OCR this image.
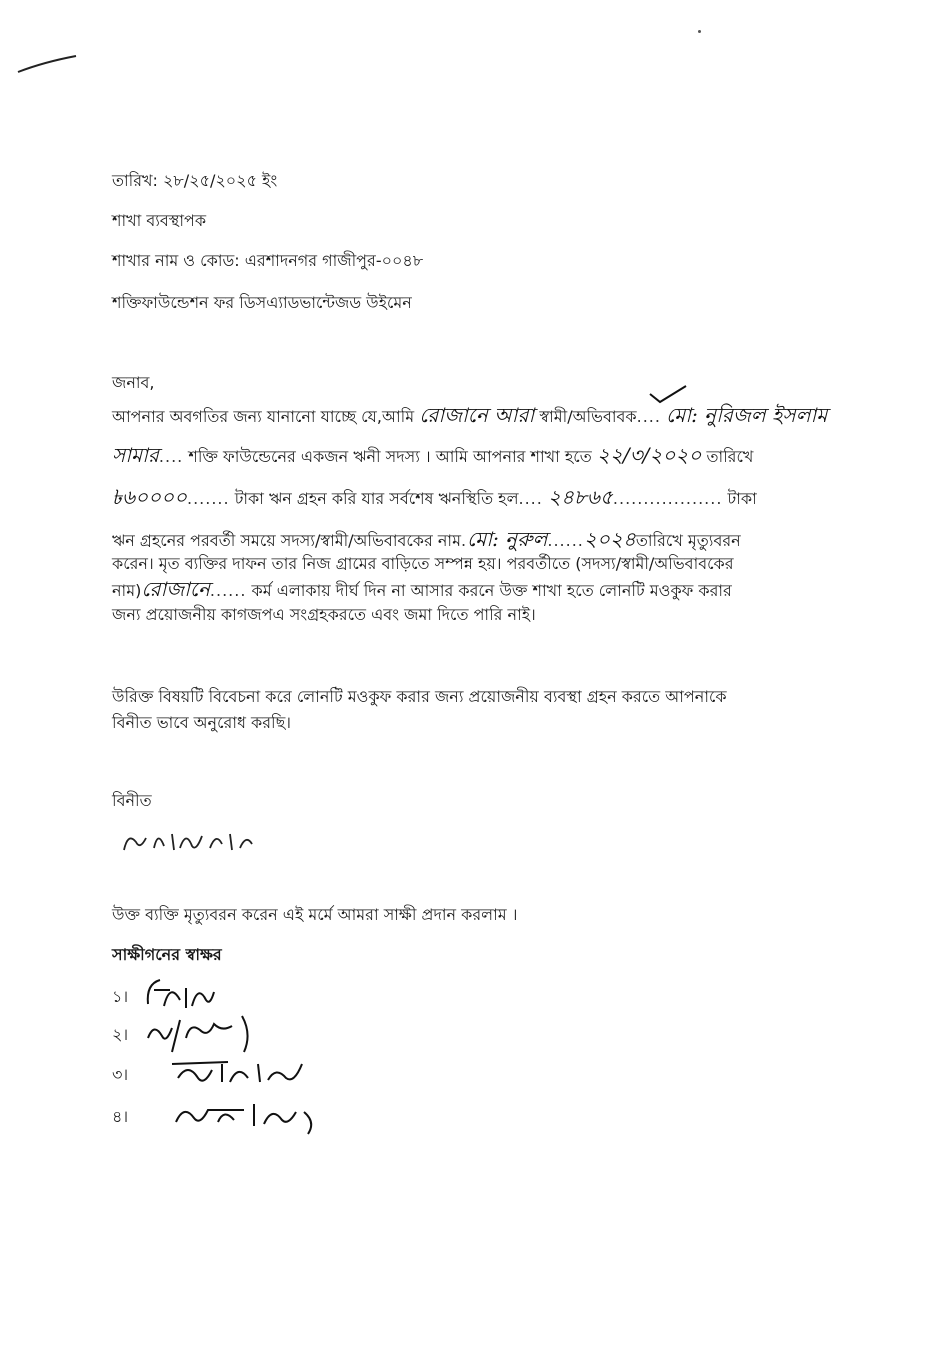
তারিখ: ২৮/২৫/২০২৫ ইং
শাখা ব্যবস্থাপক
শাখার নাম ও কোড: এরশাদনগর গাজীপুর-০০৪৮
শক্তিফাউন্ডেশন ফর ডিসএ্যাডভান্টেজড উইমেন
জনাব,
আপনার অবগতির জন্য যানানো যাচ্ছে যে,আমি রোজানে আরা স্বামী/অভিবাবক.... মো: নুরিজল ইসলাম
সামার.... শক্তি ফাউন্ডেনের একজন ঋনী সদস্য । আমি আপনার শাখা হতে ২২/৩/২০২০ তারিখে
৳৬০০০০....... টাকা ঋন গ্রহন করি যার সর্বশেষ ঋনস্থিতি হল.... ২৪৮৬৫.................. টাকা
ঋন গ্রহনের পরবর্তী সময়ে সদস্য/স্বামী/অভিবাবকের নাম.মো: নুরুল......২০২৪তারিখে মৃত্যুবরন
করেন। মৃত ব্যক্তির দাফন তার নিজ গ্রামের বাড়িতে সম্পন্ন হয়। পরবর্তীতে (সদস্য/স্বামী/অভিবাবকের
নাম)রোজানে...... কর্ম এলাকায় দীর্ঘ দিন না আসার করনে উক্ত শাখা হতে লোনটি মওকুফ করার
জন্য প্রয়োজনীয় কাগজপএ সংগ্রহকরতে এবং জমা দিতে পারি নাই।
উরিক্ত বিষয়টি বিবেচনা করে লোনটি মওকুফ করার জন্য প্রয়োজনীয় ব্যবস্থা গ্রহন করতে আপনাকে
বিনীত ভাবে অনুরোধ করছি।
বিনীত
উক্ত ব্যক্তি মৃত্যুবরন করেন এই মর্মে আমরা সাক্ষী প্রদান করলাম ।
সাক্ষীগনের স্বাক্ষর
১।
২।
৩।
৪।
